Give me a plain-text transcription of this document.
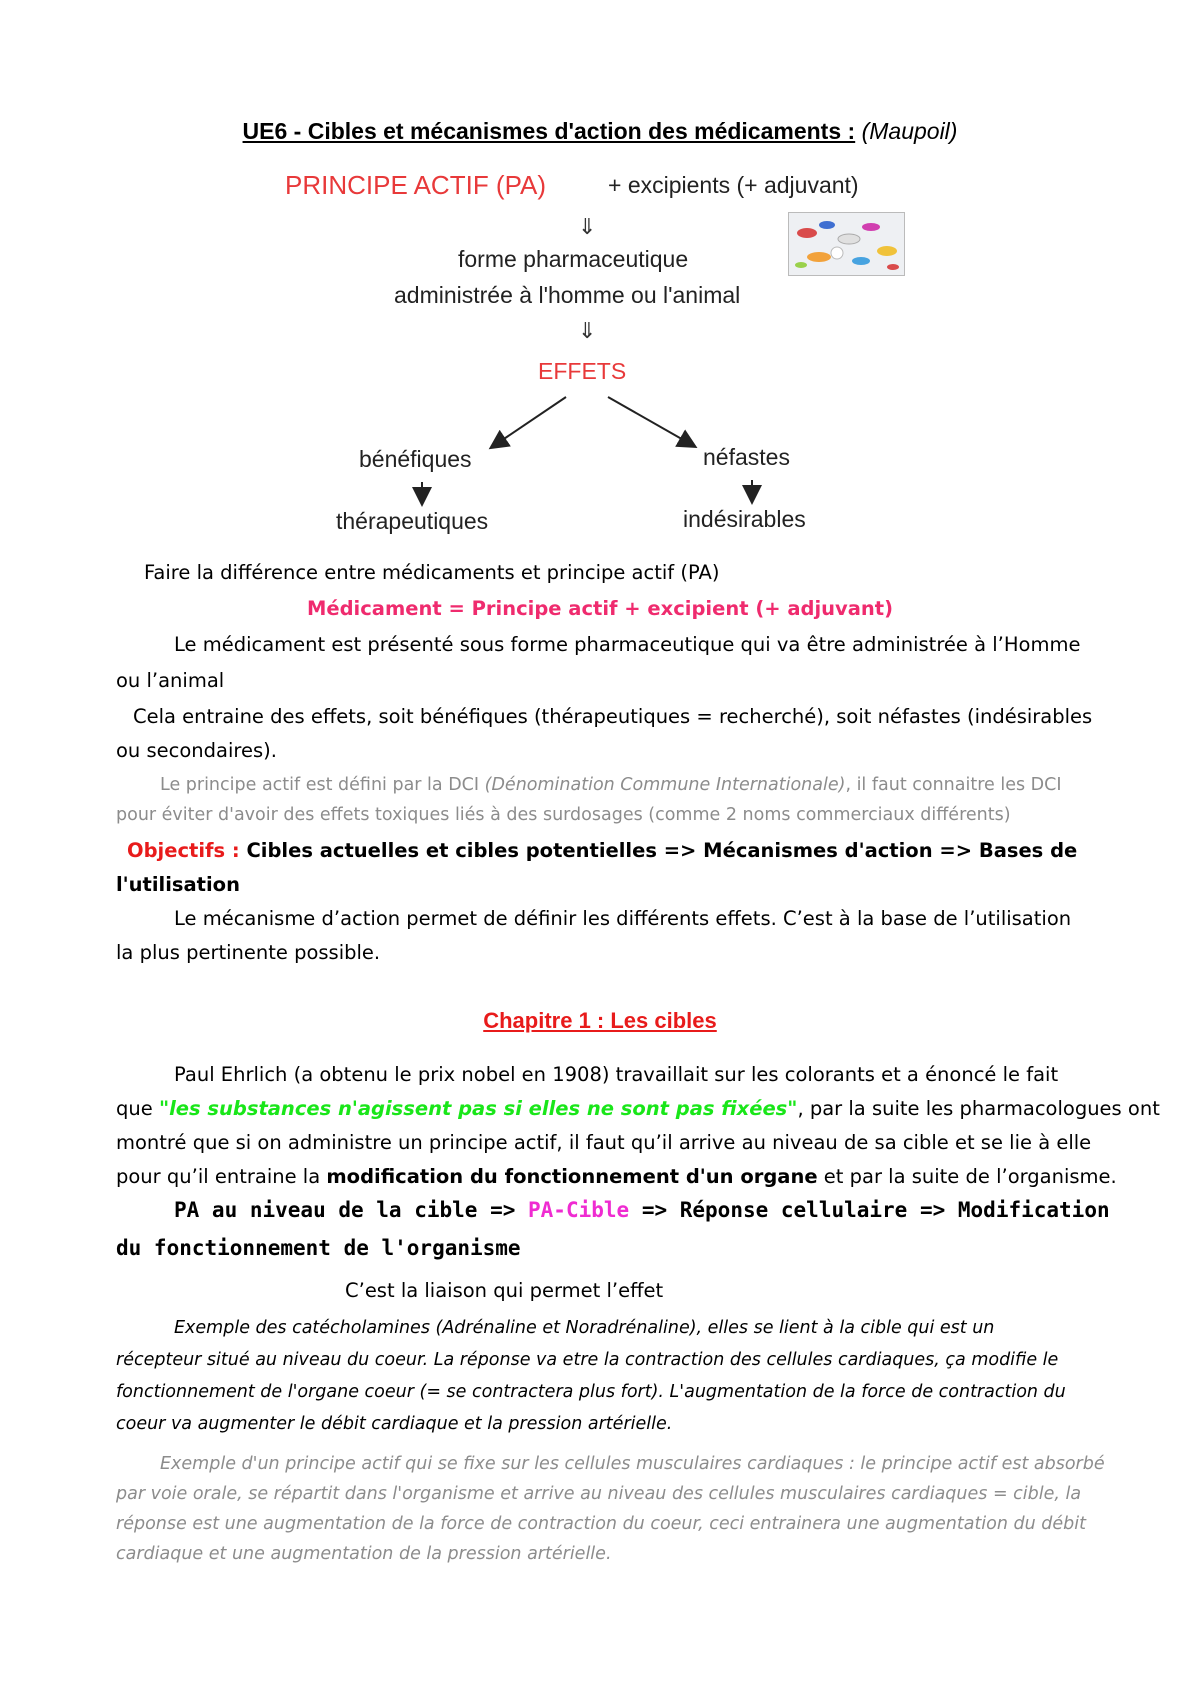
UE6 - Cibles et mécanismes d'action des médicaments : (Maupoil)
PRINCIPE ACTIF (PA)	+ excipients (+ adjuvant)
⇓
forme pharmaceutique
administrée à l'homme ou l'animal
⇓
EFFETS
bénéfiques	néfastes
thérapeutiques	indésirables
Faire la différence entre médicaments et principe actif (PA)
Médicament = Principe actif + excipient (+ adjuvant)
Le médicament est présenté sous forme pharmaceutique qui va être administrée à l’Homme
ou l’animal
Cela entraine des effets, soit bénéfiques (thérapeutiques = recherché), soit néfastes (indésirables
ou secondaires).
Le principe actif est défini par la DCI (Dénomination Commune Internationale), il faut connaitre les DCI
pour éviter d'avoir des effets toxiques liés à des surdosages (comme 2 noms commerciaux différents)
Objectifs : Cibles actuelles et cibles potentielles => Mécanismes d'action => Bases de
l'utilisation
Le mécanisme d’action permet de définir les différents effets. C’est à la base de l’utilisation
la plus pertinente possible.
Chapitre 1 : Les cibles
Paul Ehrlich (a obtenu le prix nobel en 1908) travaillait sur les colorants et a énoncé le fait
que "les substances n'agissent pas si elles ne sont pas fixées", par la suite les pharmacologues ont
montré que si on administre un principe actif, il faut qu’il arrive au niveau de sa cible et se lie à elle
pour qu’il entraine la modification du fonctionnement d'un organe et par la suite de l’organisme.
PA au niveau de la cible => PA-Cible => Réponse cellulaire => Modification
du fonctionnement de l'organisme
C’est la liaison qui permet l’effet
Exemple des catécholamines (Adrénaline et Noradrénaline), elles se lient à la cible qui est un
récepteur situé au niveau du coeur. La réponse va etre la contraction des cellules cardiaques, ça modifie le
fonctionnement de l'organe coeur (= se contractera plus fort). L'augmentation de la force de contraction du
coeur va augmenter le débit cardiaque et la pression artérielle.
Exemple d'un principe actif qui se fixe sur les cellules musculaires cardiaques : le principe actif est absorbé
par voie orale, se répartit dans l'organisme et arrive au niveau des cellules musculaires cardiaques = cible, la
réponse est une augmentation de la force de contraction du coeur, ceci entrainera une augmentation du débit
cardiaque et une augmentation de la pression artérielle.
